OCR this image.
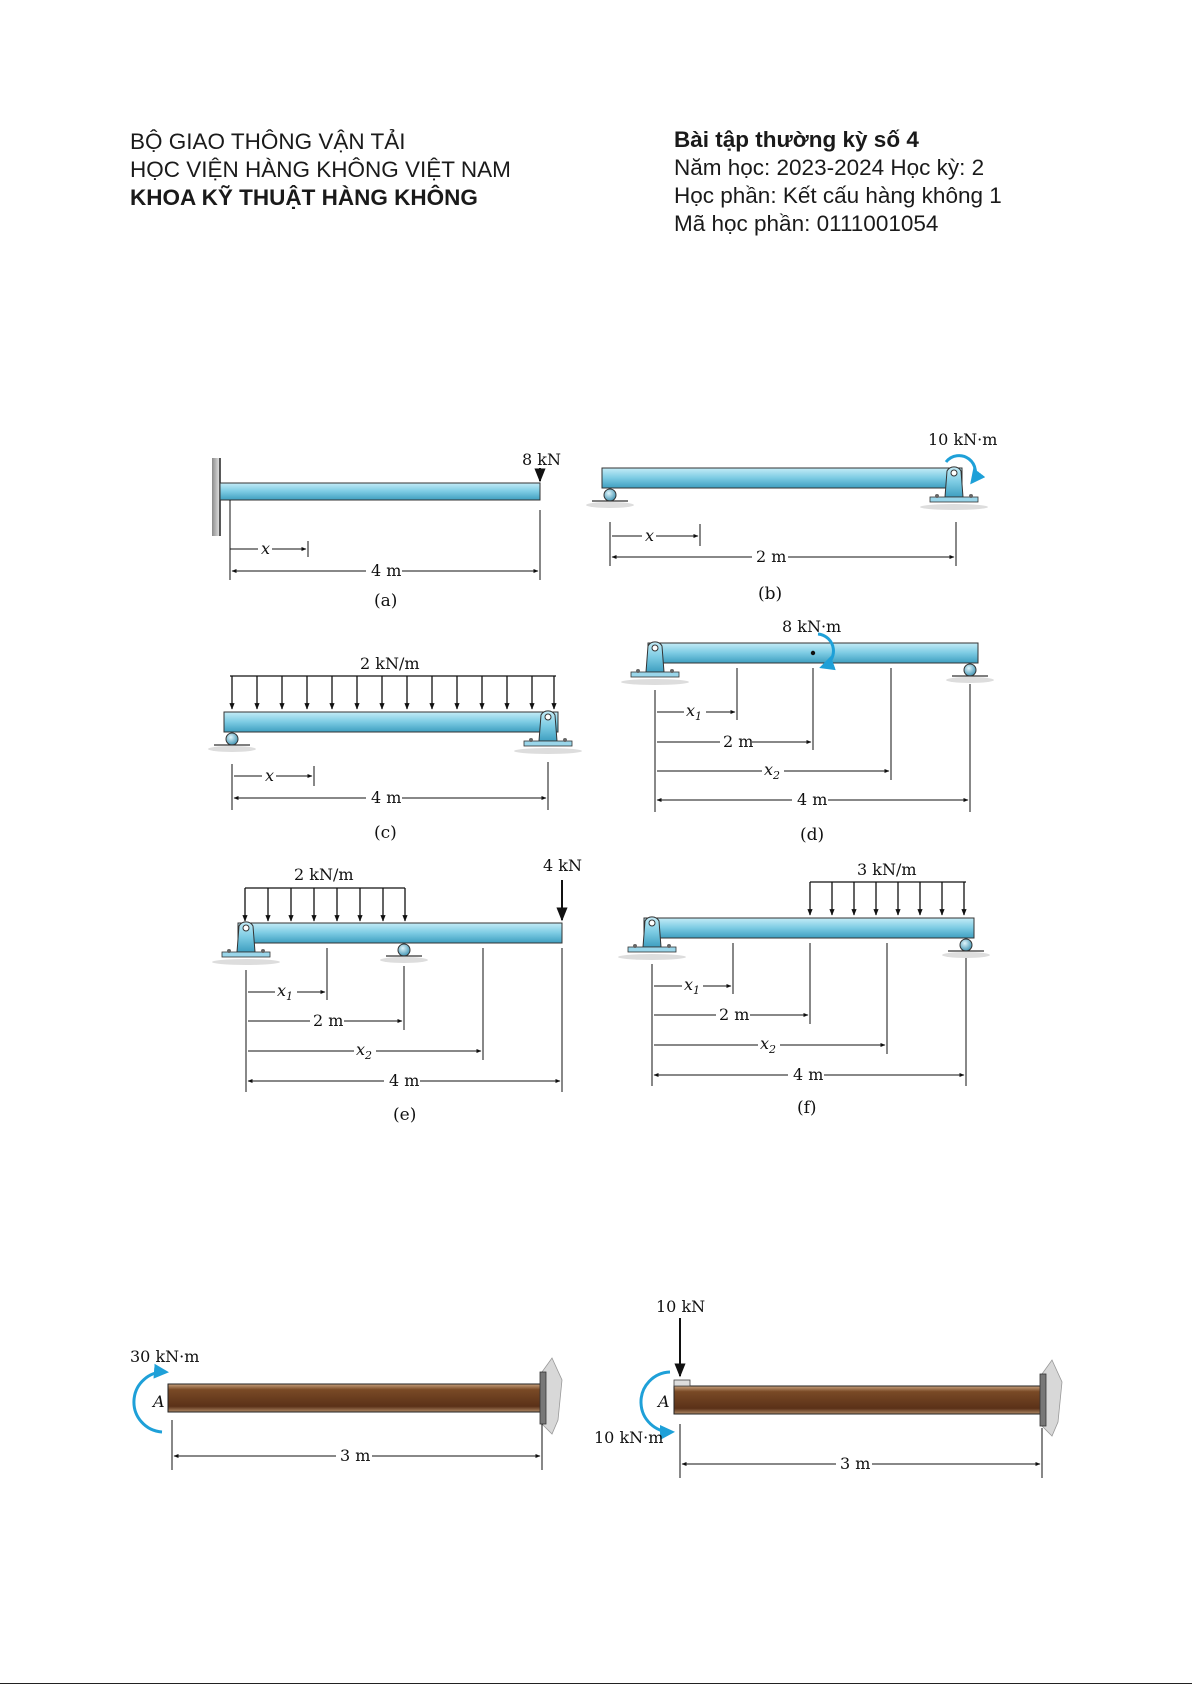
BỘ GIAO THÔNG VẬN TẢI
HỌC VIỆN HÀNG KHÔNG VIỆT NAM
KHOA KỸ THUẬT HÀNG KHÔNG
Bài tập thường kỳ số 4
Năm học: 2023-2024 Học kỳ: 2
Học phần: Kết cấu hàng không 1
Mã học phần: 0111001054
8 kN
x
4 m
(a)
10 kN·m
x
2 m
(b)
2 kN/m
x
4 m
(c)
8 kN·m
$x_1$
2 m
$x_2$
4 m
(d)
2 kN/m	4 kN
$x_1$
2 m
$x_2$
4 m
(e)
3 kN/m
$x_1$
2 m
$x_2$
4 m
(f)
30 kN·m
A
3 m
10 kN
A
10 kN·m
3 m
